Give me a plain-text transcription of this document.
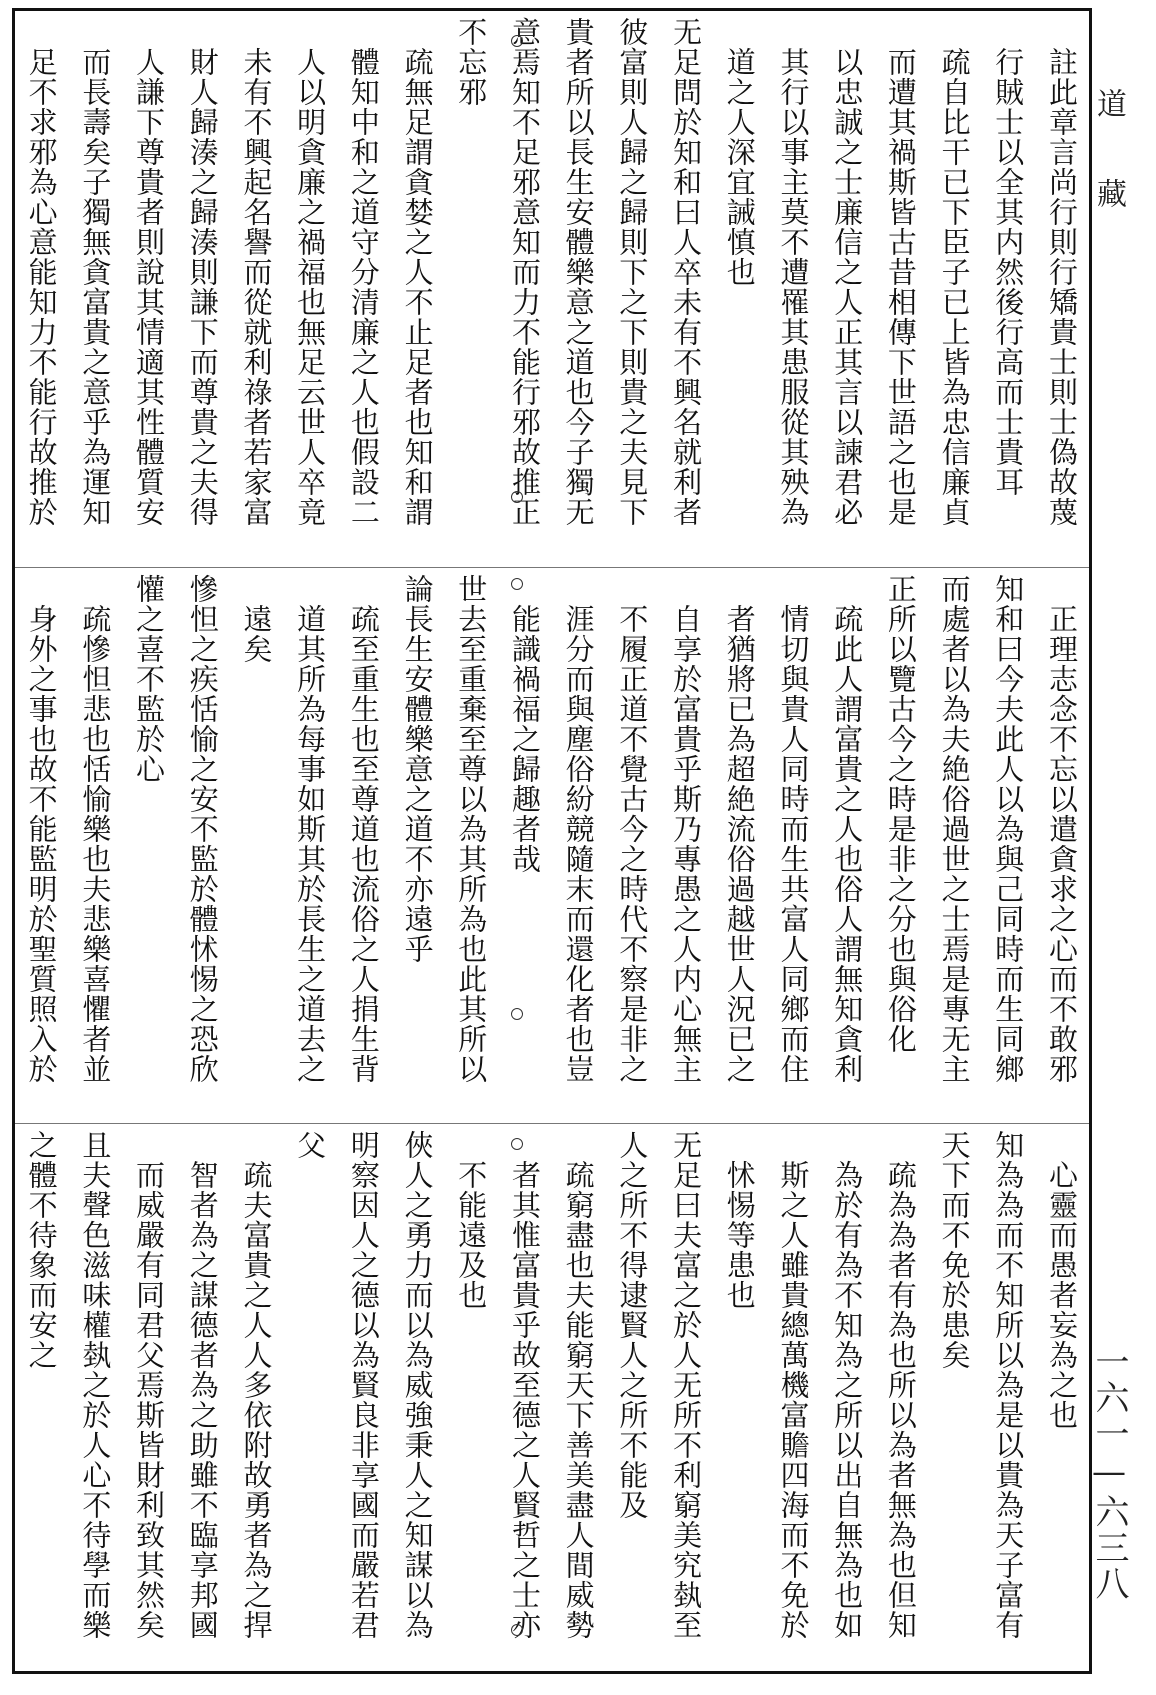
註此章言尚行則行矯貴士則士偽故蔑
行賊士以全其内然後行高而士貴耳
疏自比干已下臣子已上皆為忠信廉貞
而遭其禍斯皆古昔相傳下世語之也是
以忠誠之士廉信之人正其言以諫君必
其行以事主莫不遭罹其患服從其殃為
道之人深宜誡慎也
无足問於知和曰人卒未有不興名就利者
彼富則人歸之歸則下之下則貴之夫見下
貴者所以長生安體樂意之道也今子獨无
意焉知不足邪意知而力不能行邪故推正
不忘邪
疏無足謂貪婪之人不止足者也知和謂
體知中和之道守分清廉之人也假設二
人以明貪廉之禍福也無足云世人卒竟
未有不興起名譽而從就利祿者若家富
財人歸湊之歸湊則謙下而尊貴之夫得
人謙下尊貴者則說其情適其性體質安
而長壽矣子獨無貪富貴之意乎為運知
足不求邪為心意能知力不能行故推於
正理志念不忘以遣貪求之心而不敢邪
知和曰今夫此人以為與己同時而生同鄉
而處者以為夫絶俗過世之士焉是專无主
正所以覽古今之時是非之分也與俗化
疏此人謂富貴之人也俗人謂無知貪利
情切與貴人同時而生共富人同鄉而住
者猶將已為超絶流俗過越世人況已之
自享於富貴乎斯乃專愚之人内心無主
不履正道不覺古今之時代不察是非之
涯分而與塵俗紛競隨末而還化者也豈
能識禍福之歸趣者哉
世去至重棄至尊以為其所為也此其所以
論長生安體樂意之道不亦遠乎
疏至重生也至尊道也流俗之人捐生背
道其所為每事如斯其於長生之道去之
遠矣
慘怛之疾恬愉之安不監於體怵惕之恐欣
懽之喜不監於心
疏慘怛悲也恬愉樂也夫悲樂喜懼者並
身外之事也故不能監明於聖質照入於
心靈而愚者妄為之也
知為為而不知所以為是以貴為天子富有
天下而不免於患矣
疏為為者有為也所以為者無為也但知
為於有為不知為之所以出自無為也如
斯之人雖貴總萬機富贍四海而不免於
怵惕等患也
无足曰夫富之於人无所不利窮美究埶至
人之所不得逮賢人之所不能及
疏窮盡也夫能窮天下善美盡人間威勢
者其惟富貴乎故至德之人賢哲之士亦
不能遠及也
俠人之勇力而以為威強秉人之知謀以為
明察因人之德以為賢良非享國而嚴若君
父
疏夫富貴之人人多依附故勇者為之捍
智者為之謀德者為之助雖不臨享邦國
而威嚴有同君父焉斯皆財利致其然矣
且夫聲色滋味權埶之於人心不待學而樂
之體不待象而安之
道藏
一六一—六三八
